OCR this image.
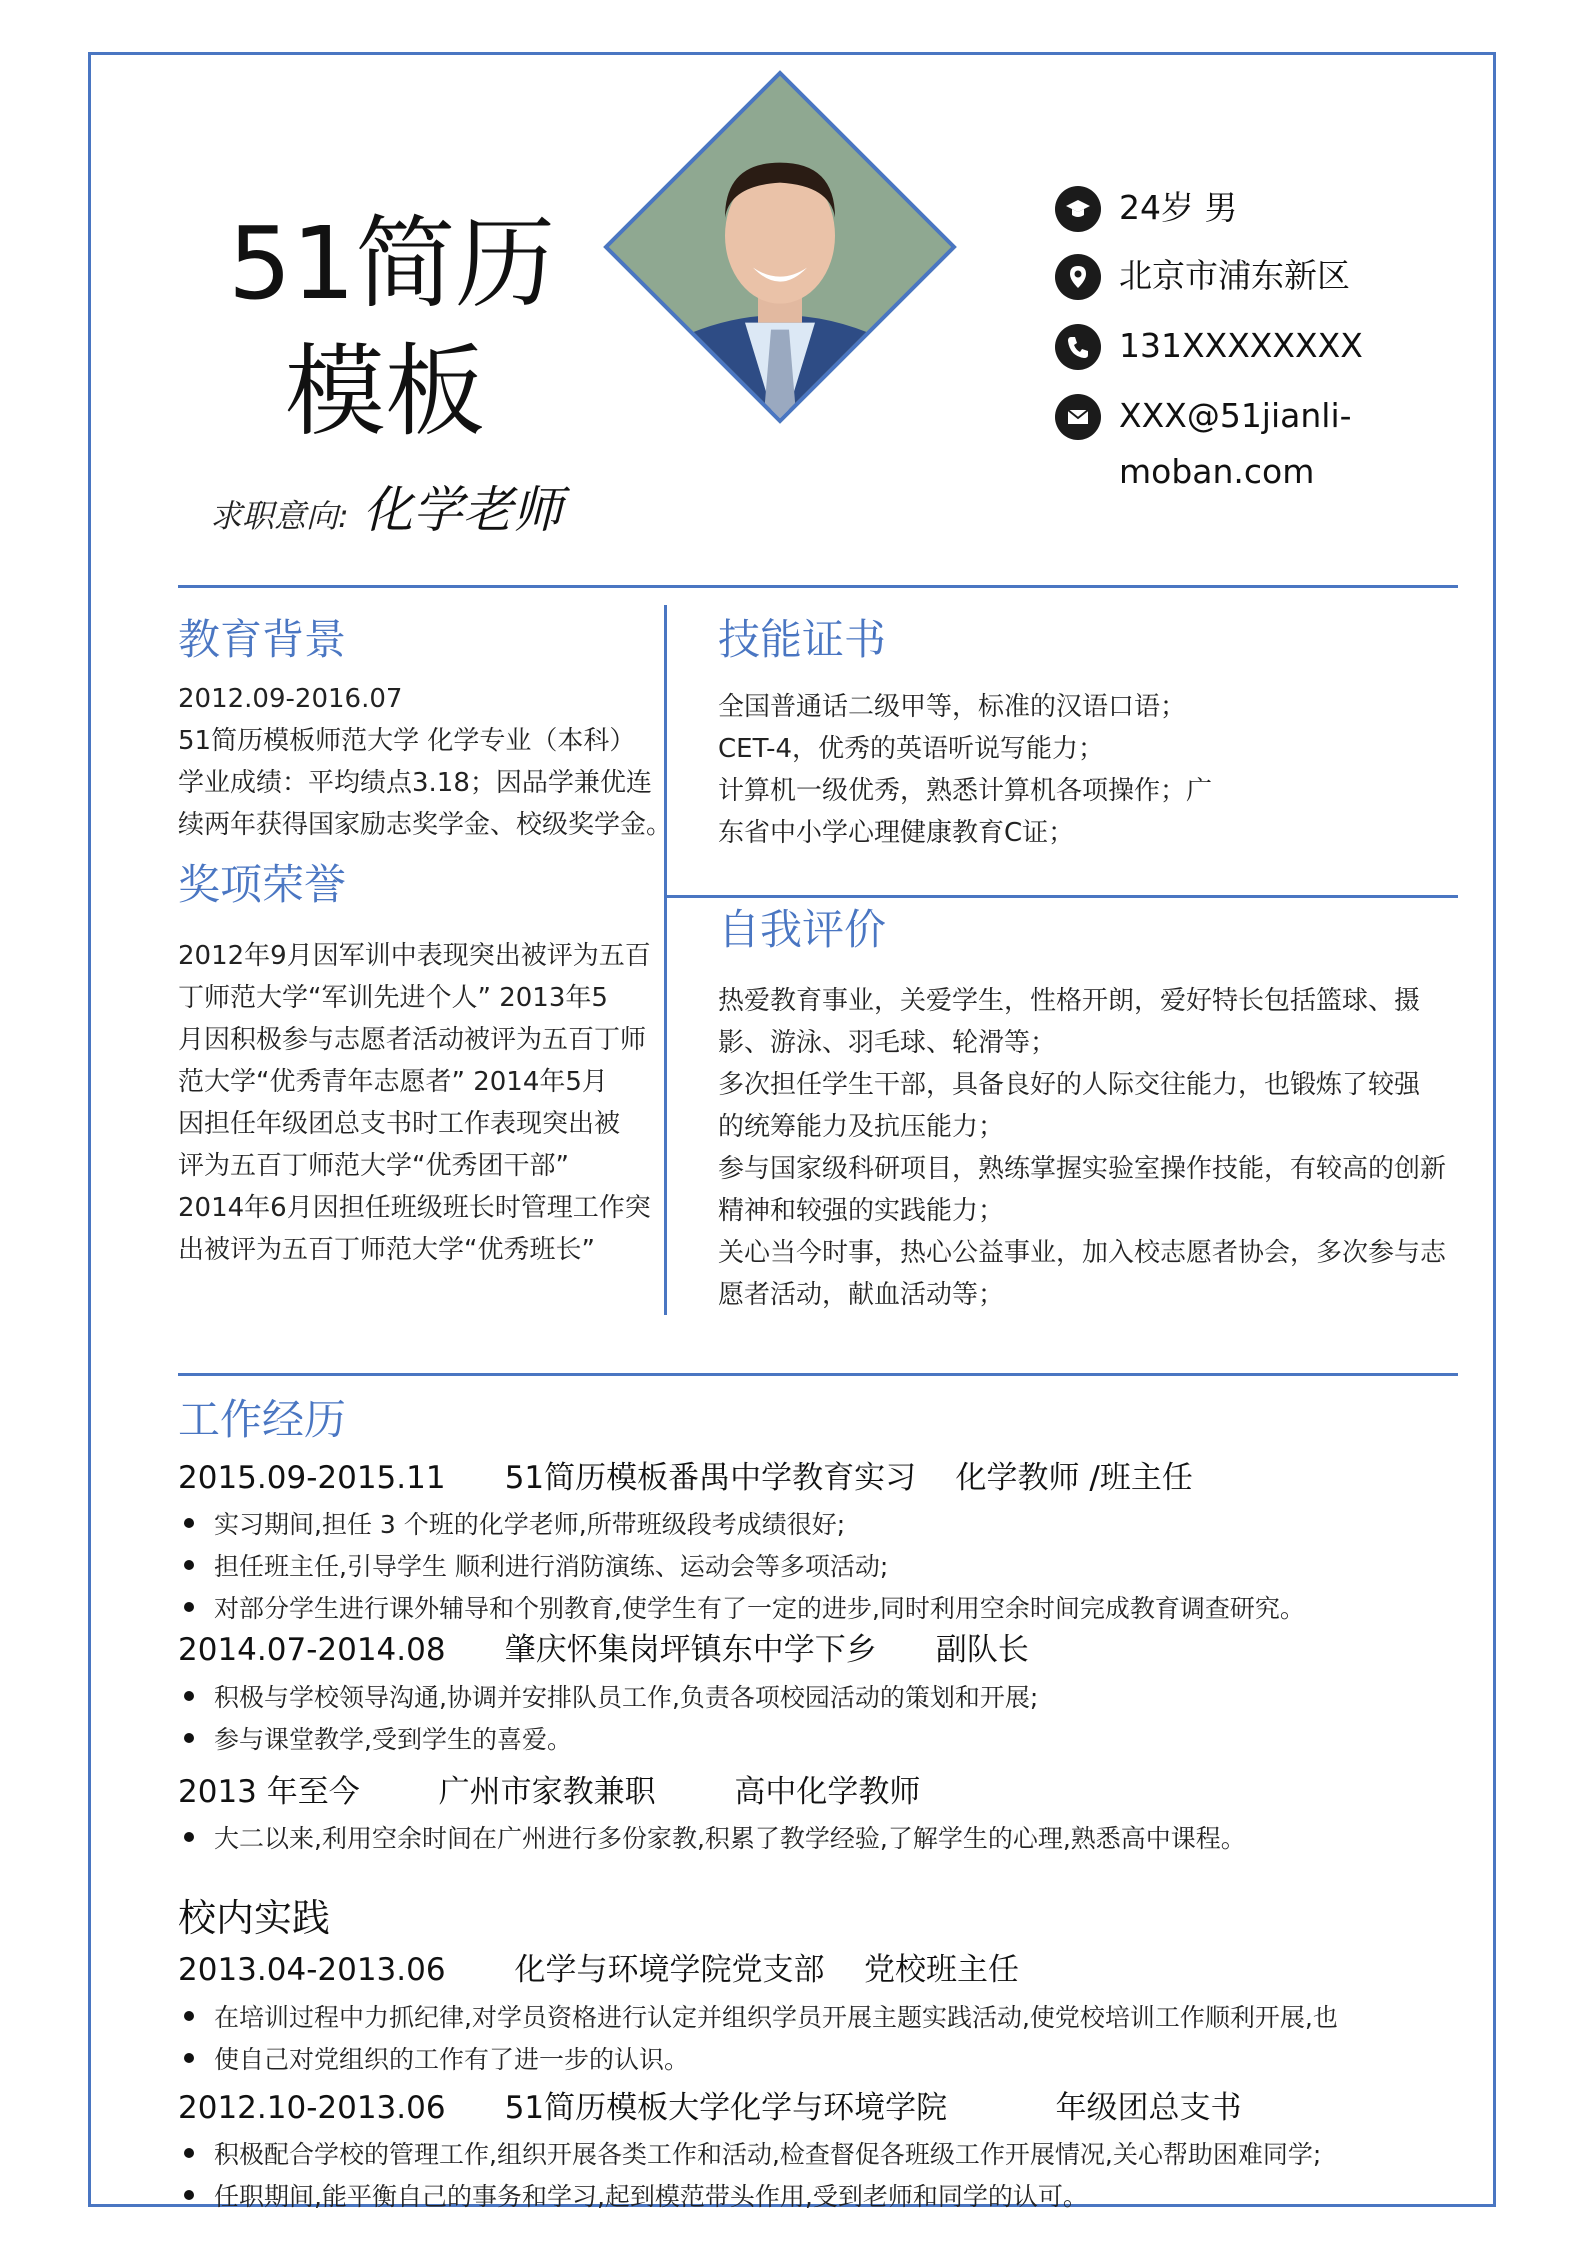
51简历
模板
求职意向: 化学老师
24岁 男
北京市浦东新区
131XXXXXXXX
XXX@51jianli-
moban.com
教育背景
2012.09-2016.07
51简历模板师范大学 化学专业（本科）
学业成绩：平均绩点3.18；因品学兼优连
续两年获得国家励志奖学金、校级奖学金。
奖项荣誉
2012年9月因军训中表现突出被评为五百
丁师范大学“军训先进个人” 2013年5
月因积极参与志愿者活动被评为五百丁师
范大学“优秀青年志愿者” 2014年5月
因担任年级团总支书时工作表现突出被
评为五百丁师范大学“优秀团干部”
2014年6月因担任班级班长时管理工作突
出被评为五百丁师范大学“优秀班长”
技能证书
全国普通话二级甲等，标准的汉语口语；
CET-4，优秀的英语听说写能力；
计算机一级优秀，熟悉计算机各项操作；广
东省中小学心理健康教育C证；
自我评价
热爱教育事业，关爱学生，性格开朗，爱好特长包括篮球、摄
影、游泳、羽毛球、轮滑等；
多次担任学生干部，具备良好的人际交往能力，也锻炼了较强
的统筹能力及抗压能力；
参与国家级科研项目，熟练掌握实验室操作技能，有较高的创新
精神和较强的实践能力；
关心当今时事，热心公益事业，加入校志愿者协会，多次参与志
愿者活动，献血活动等；
工作经历
2015.09-2015.11      51简历模板番禺中学教育实习    化学教师 /班主任
实习期间,担任 3 个班的化学老师,所带班级段考成绩很好;
担任班主任,引导学生 顺利进行消防演练、运动会等多项活动;
对部分学生进行课外辅导和个别教育,使学生有了一定的进步,同时利用空余时间完成教育调查研究。
2014.07-2014.08      肇庆怀集岗坪镇东中学下乡      副队长
积极与学校领导沟通,协调并安排队员工作,负责各项校园活动的策划和开展;
参与课堂教学,受到学生的喜爱。
2013 年至今        广州市家教兼职        高中化学教师
大二以来,利用空余时间在广州进行多份家教,积累了教学经验,了解学生的心理,熟悉高中课程。
校内实践
2013.04-2013.06       化学与环境学院党支部    党校班主任
在培训过程中力抓纪律,对学员资格进行认定并组织学员开展主题实践活动,使党校培训工作顺利开展,也
使自己对党组织的工作有了进一步的认识。
2012.10-2013.06      51简历模板大学化学与环境学院           年级团总支书
积极配合学校的管理工作,组织开展各类工作和活动,检查督促各班级工作开展情况,关心帮助困难同学;
任职期间,能平衡自己的事务和学习,起到模范带头作用,受到老师和同学的认可。
